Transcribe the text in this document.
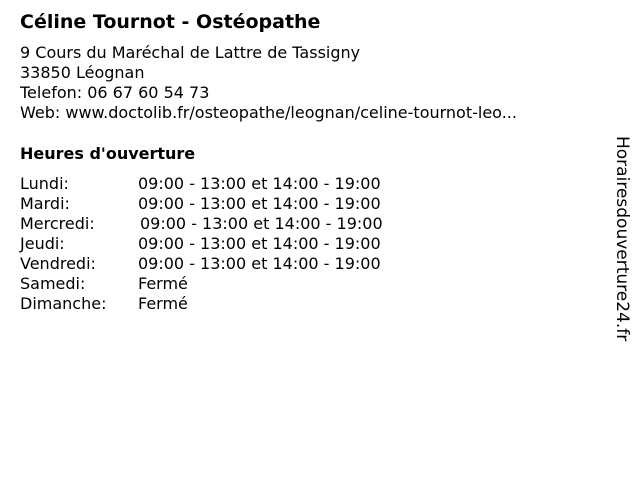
Céline Tournot - Ostéopathe
9 Cours du Maréchal de Lattre de Tassigny
33850 Léognan
Telefon: 06 67 60 54 73
Web: www.doctolib.fr/osteopathe/leognan/celine-tournot-leo...
Heures d'ouverture
Lundi:	09:00 - 13:00 et 14:00 - 19:00
Mardi:	09:00 - 13:00 et 14:00 - 19:00
Mercredi:	09:00 - 13:00 et 14:00 - 19:00
Jeudi:	09:00 - 13:00 et 14:00 - 19:00
Vendredi:	09:00 - 13:00 et 14:00 - 19:00
Samedi:	Fermé
Dimanche:	Fermé	Horairesdouverture24.fr
